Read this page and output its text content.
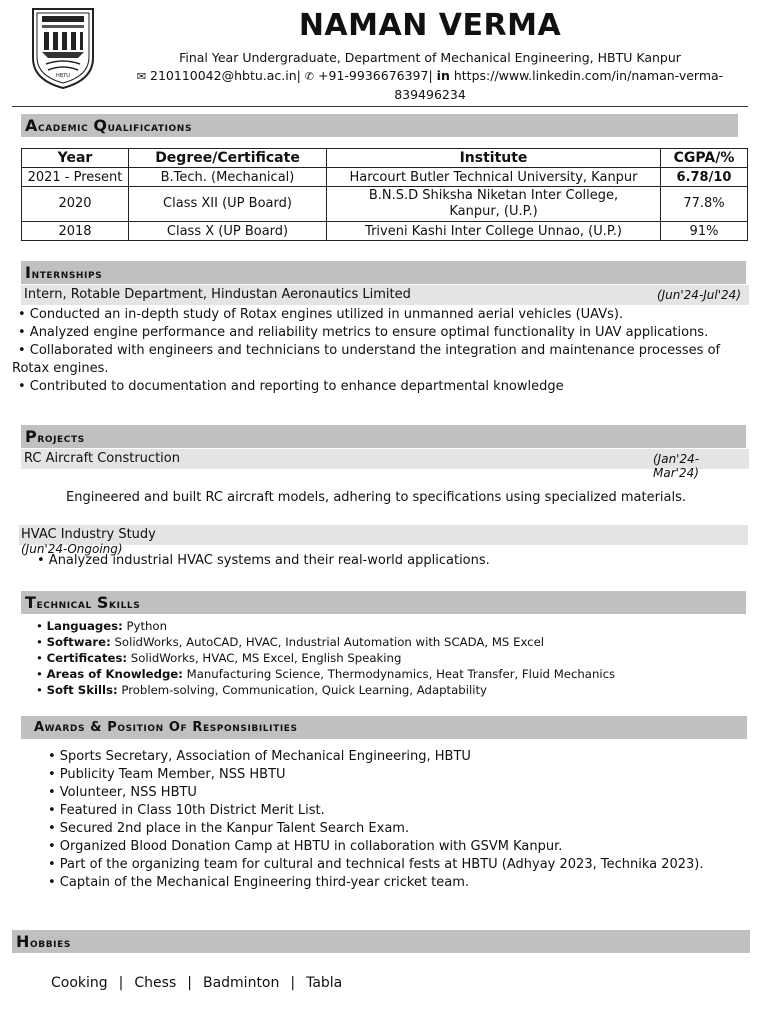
HBTU
NAMAN VERMA
Final Year Undergraduate, Department of Mechanical Engineering, HBTU Kanpur
✉ 210110042@hbtu.ac.in| ✆ +91-9936676397| in https://www.linkedin.com/in/naman-verma-839496234
Academic Qualifications
Year	Degree/Certificate	Institute	CGPA/%
2021 - Present	B.Tech. (Mechanical)	Harcourt Butler Technical University, Kanpur	6.78/10
2020	Class XII (UP Board)	B.N.S.D Shiksha Niketan Inter College, Kanpur, (U.P.)	77.8%
2018	Class X (UP Board)	Triveni Kashi Inter College Unnao, (U.P.)	91%
Internships
Intern, Rotable Department, Hindustan Aeronautics Limited	(Jun'24-Jul'24)
• Conducted an in-depth study of Rotax engines utilized in unmanned aerial vehicles (UAVs).
• Analyzed engine performance and reliability metrics to ensure optimal functionality in UAV applications.
• Collaborated with engineers and technicians to understand the integration and maintenance processes of Rotax engines.
• Contributed to documentation and reporting to enhance departmental knowledge
Projects
RC Aircraft Construction	(Jan'24-Mar'24)
Engineered and built RC aircraft models, adhering to specifications using specialized materials.
HVAC Industry Study
(Jun'24-Ongoing)
• Analyzed industrial HVAC systems and their real-world applications.
Technical Skills
• Languages: Python
• Software: SolidWorks, AutoCAD, HVAC, Industrial Automation with SCADA, MS Excel
• Certificates: SolidWorks, HVAC, MS Excel, English Speaking
• Areas of Knowledge: Manufacturing Science, Thermodynamics, Heat Transfer, Fluid Mechanics
• Soft Skills: Problem-solving, Communication, Quick Learning, Adaptability
Awards & Position Of Responsibilities
• Sports Secretary, Association of Mechanical Engineering, HBTU
• Publicity Team Member, NSS HBTU
• Volunteer, NSS HBTU
• Featured in Class 10th District Merit List.
• Secured 2nd place in the Kanpur Talent Search Exam.
• Organized Blood Donation Camp at HBTU in collaboration with GSVM Kanpur.
• Part of the organizing team for cultural and technical fests at HBTU (Adhyay 2023, Technika 2023).
• Captain of the Mechanical Engineering third-year cricket team.
Hobbies
Cooking | Chess | Badminton | Tabla
